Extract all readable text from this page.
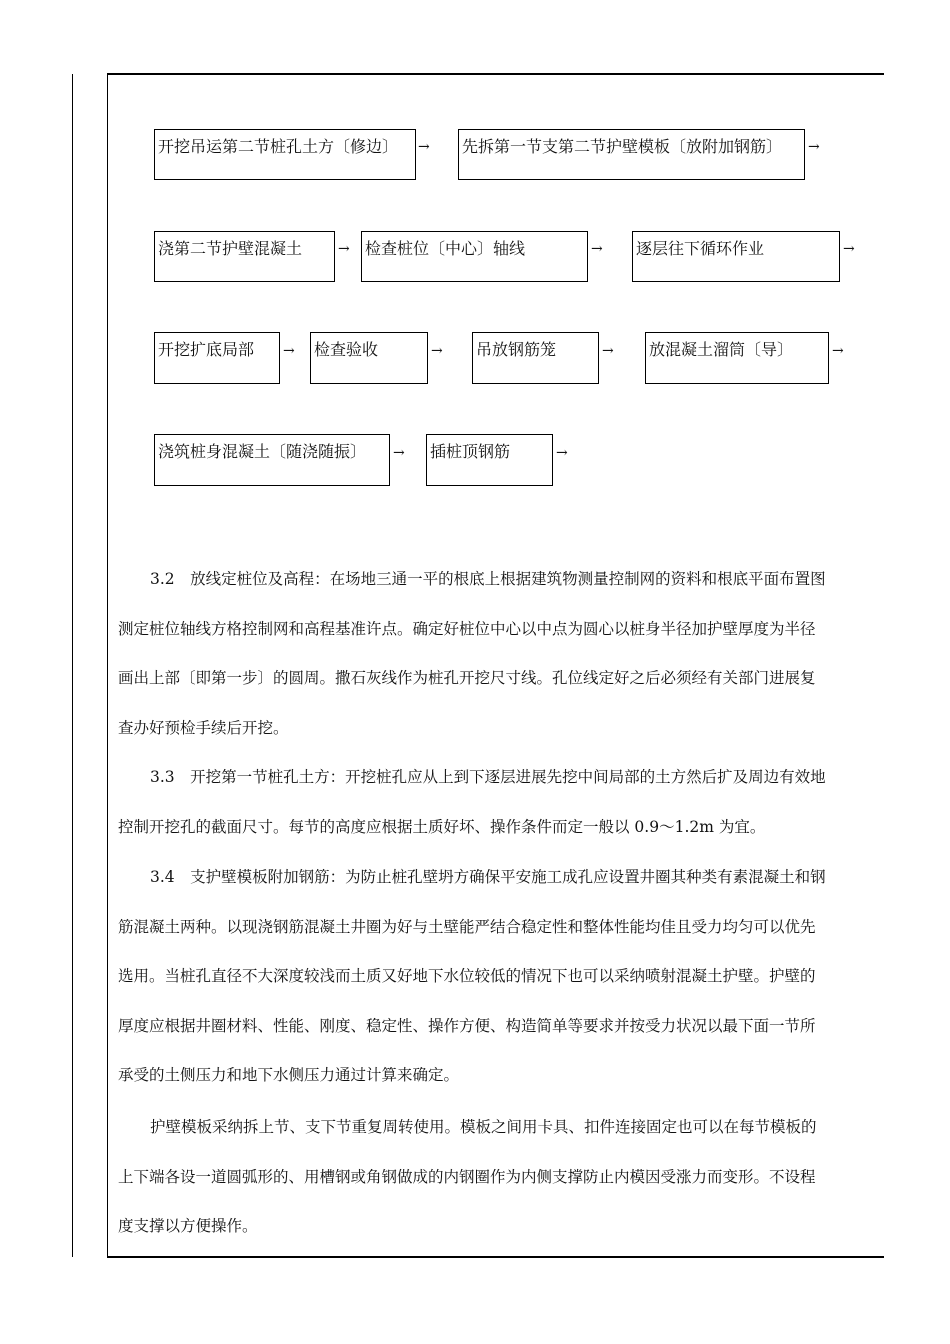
开挖吊运第二节桩孔土方〔修边〕	→ 先拆第一节支第二节护壁模板〔放附加钢筋〕	→
浇第二节护壁混凝土	→ 检查桩位〔中心〕轴线	→ 逐层往下循环作业	→
开挖扩底局部	→ 检查验收	→ 吊放钢筋笼	→ 放混凝土溜筒〔导〕	→
浇筑桩身混凝土〔随浇随振〕	→ 插桩顶钢筋	→

3.2　放线定桩位及高程：在场地三通一平的根底上根据建筑物测量控制网的资料和根底平面布置图
测定桩位轴线方格控制网和高程基准许点。确定好桩位中心以中点为圆心以桩身半径加护壁厚度为半径
画出上部〔即第一步〕的圆周。撒石灰线作为桩孔开挖尺寸线。孔位线定好之后必须经有关部门进展复
查办好预检手续后开挖。

3.3　开挖第一节桩孔土方：开挖桩孔应从上到下逐层进展先挖中间局部的土方然后扩及周边有效地
控制开挖孔的截面尺寸。每节的高度应根据土质好坏、操作条件而定一般以 0.9～1.2m 为宜。

3.4　支护壁模板附加钢筋：为防止桩孔壁坍方确保平安施工成孔应设置井圈其种类有素混凝土和钢
筋混凝土两种。以现浇钢筋混凝土井圈为好与土壁能严结合稳定性和整体性能均佳且受力均匀可以优先
选用。当桩孔直径不大深度较浅而土质又好地下水位较低的情况下也可以采纳喷射混凝土护壁。护壁的
厚度应根据井圈材料、性能、刚度、稳定性、操作方便、构造简单等要求并按受力状况以最下面一节所
承受的土侧压力和地下水侧压力通过计算来确定。

护壁模板采纳拆上节、支下节重复周转使用。模板之间用卡具、扣件连接固定也可以在每节模板的
上下端各设一道圆弧形的、用槽钢或角钢做成的内钢圈作为内侧支撑防止内模因受涨力而变形。不设程
度支撑以方便操作。
